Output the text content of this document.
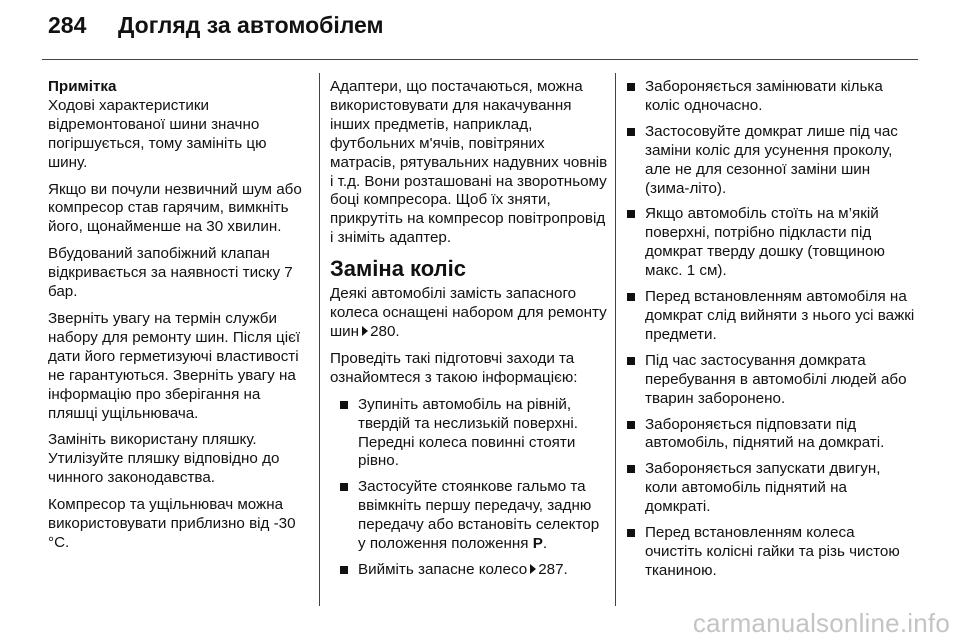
284	Догляд за автомобілем

Примітка

Ходові характеристики відремонтованої шини значно погіршується, тому замініть цю шину.

Якщо ви почули незвичний шум або компресор став гарячим, вимкніть його, щонайменше на 30 хвилин.

Вбудований запобіжний клапан відкривається за наявності тиску 7 бар.

Зверніть увагу на термін служби набору для ремонту шин. Після цієї дати його герметизуючі властивості не гарантуються. Зверніть увагу на інформацію про зберігання на пляшці ущільнювача.

Замініть використану пляшку. Утилізуйте пляшку відповідно до чинного законодавства.

Компресор та ущільнювач можна використовувати приблизно від -30 °C.

Адаптери, що постачаються, можна використовувати для накачування інших предметів, наприклад, футбольних м'ячів, повітряних матрасів, рятувальних надувних човнів і т.д. Вони розташовані на зворотньому боці компресора. Щоб їх зняти, прикрутіть на компресор повітропровід і зніміть адаптер.

Заміна коліс

Деякі автомобілі замість запасного колеса оснащені набором для ремонту шин 280.

Проведіть такі підготовчі заходи та ознайомтеся з такою інформацією:

Зупиніть автомобіль на рівній, твердій та неслизькій поверхні. Передні колеса повинні стояти рівно.
Застосуйте стоянкове гальмо та ввімкніть першу передачу, задню передачу або встановіть селектор у положення положення P.
Вийміть запасне колесо 287.
Забороняється замінювати кілька коліс одночасно.
Застосовуйте домкрат лише під час заміни коліс для усунення проколу, але не для сезонної заміни шин (зима-літо).
Якщо автомобіль стоїть на м’якій поверхні, потрібно підкласти під домкрат тверду дошку (товщиною макс. 1 см).
Перед встановленням автомобіля на домкрат слід вийняти з нього усі важкі предмети.
Під час застосування домкрата перебування в автомобілі людей або тварин заборонено.
Забороняється підповзати під автомобіль, піднятий на домкраті.
Забороняється запускати двигун, коли автомобіль піднятий на домкраті.
Перед встановленням колеса очистіть колісні гайки та різь чистою тканиною.
carmanualsonline.info
